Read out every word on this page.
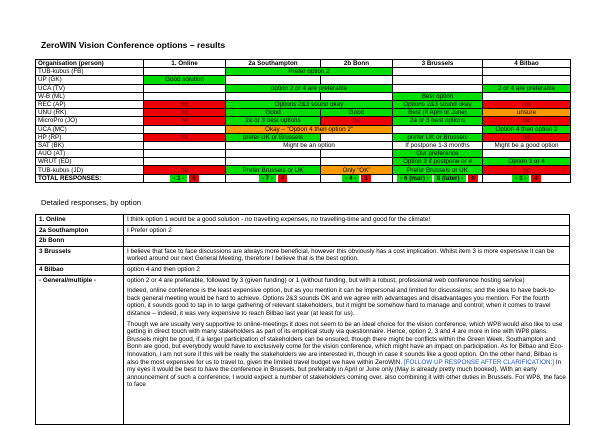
ZeroWIN Vision Conference options – results
Organisation (person)	1. Online	2a Southampton	2b Bonn	3 Brussels	4 Bilbao
TUB-kubus (FB)		Prefer option 2			
UP (GK)	Good solution				
UCA (TV)		option 2 or 4 are preferable			2 or 4 are preferable
W-B (ML)				Best option	
REC (AP)	no	Options 2&3 sound okay		Options 2&3 sound okay	no
UNU (RK)	no	Good	Good	Best (If April or June)	unsure
MicroPro (JO)	no	2a or 3 best options	no	2a or 3 best options	no
UCA (MC)		Okay – “Option 4 then option 2”			Option 4 then option 2
HP (RP)	no	prefer UK or Brussels		prefer UK or Brussels	no
SAT (BK)		Might be an option		If postpone 1-3 months	Might be a good option
AUO (AT)				Our preference	
WRUT (ED)				Option 3 if postpone or 4	Option 3 or 4
TUB-kubus (JD)	no	Prefer Brussels or UK	Only “OK”	Prefer Brussels or UK	no
TOTAL RESPONSES:	- 1 - 6	- 7 - 4	- 4 - 1	- 6 (mar) - 8 (later) - 0	- 3 - 4
Detailed responses, by option
1. Online	I think option 1 would be a good solution - no travelling expenses, no travelling-time and good for the climate!

2a Southampton	I Prefer option 2

2b Bonn	

3 Brussels	I believe that face to face discussions are always more beneficial, however this obviously has a cost implication. Whilst item 3 is more expensive it can be worked around our next General Meeting, therefore I believe that is the best option.

4 Bilbao	option 4 and then option 2

- General/multiple -	option 2 or 4 are preferable, followed by 3 (given funding) or 1 (without funding, but with a robust, professional web conference hosting service)

Indeed, online conference is the least expensive option, but as you mention it can be impersonal and limited for discussions; and the idea to have back-to-back general meeting would be hard to achieve. Options 2&3 sounds OK and we agree with advantages and disadvantages you mention. For the fourth option, it sounds good to tap in to large gathering of relevant stakeholders, but it might be somehow hard to manage and control; when it comes to travel distance – indeed, it was very expensive to reach Bilbao last year (at least for us).

Though we are usually very supportive to online-meetings it does not seem to be an ideal choice for the vision conference, which WP8 would also like to use getting in direct touch with many stakeholders as part of its empirical study via questionnaire. Hence, option 2, 3 and 4 are more in line with WP8 plans. Brussels might be good, if a larger participation of stakeholders can be ensured, though there might be conflicts within the Green Week. Southampton and Bonn are good, but everybody would have to exclusively come for the vision conference, which might have an impact on participation. As for Bilbao and Eco-Innovation, I am not sure if this will be really the stakeholders we are interested in, though in case it sounds like a good option. On the other hand, Bilbao is also the most expensive for us to travel to, given the limited travel budget we have within ZeroWIN. [FOLLOW UP RESPONSE AFTER CLARIFICATION:] In my eyes it would be best to have the conference in Brussels, but preferably in April or June only (May is already pretty much booked). With an early announcement of such a conference, I would expect a number of stakeholders coming over, also combining it with other duties in Brussels. For WP8, the face to face
